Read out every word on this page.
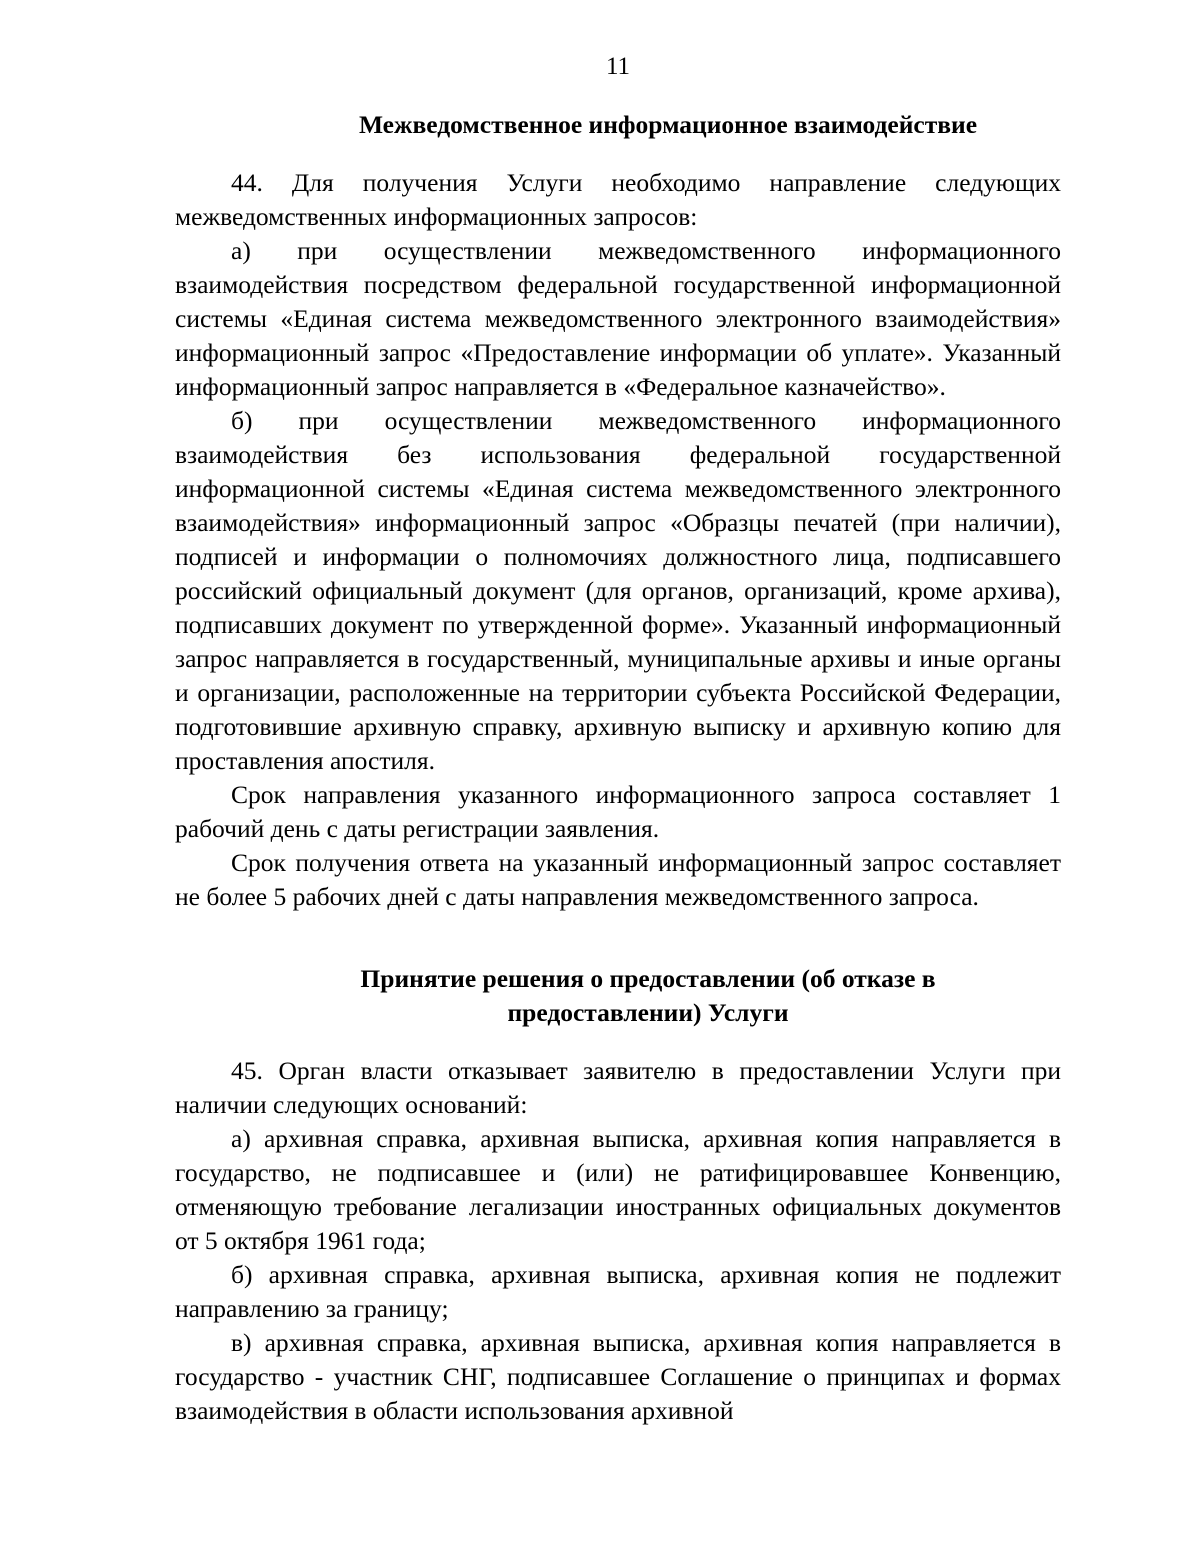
11
Межведомственное информационное взаимодействие

44. Для получения Услуги необходимо направление следующих межведомственных информационных запросов:

а) при осуществлении межведомственного информационного взаимодействия посредством федеральной государственной информационной системы «Единая система межведомственного электронного взаимодействия» информационный запрос «Предоставление информации об уплате». Указанный информационный запрос направляется в «Федеральное казначейство».

б) при осуществлении межведомственного информационного взаимодействия без использования федеральной государственной информационной системы «Единая система межведомственного электронного взаимодействия» информационный запрос «Образцы печатей (при наличии), подписей и информации о полномочиях должностного лица, подписавшего российский официальный документ (для органов, организаций, кроме архива), подписавших документ по утвержденной форме». Указанный информационный запрос направляется в государственный, муниципальные архивы и иные органы и организации, расположенные на территории субъекта Российской Федерации, подготовившие архивную справку, архивную выписку и архивную копию для проставления апостиля.

Срок направления указанного информационного запроса составляет 1 рабочий день с даты регистрации заявления.

Срок получения ответа на указанный информационный запрос составляет не более 5 рабочих дней с даты направления межведомственного запроса.

Принятие решения о предоставлении (об отказе в
предоставлении) Услуги

45. Орган власти отказывает заявителю в предоставлении Услуги при наличии следующих оснований:

а) архивная справка, архивная выписка, архивная копия направляется в государство, не подписавшее и (или) не ратифицировавшее Конвенцию, отменяющую требование легализации иностранных официальных документов от 5 октября 1961 года;

б) архивная справка, архивная выписка, архивная копия не подлежит направлению за границу;

в) архивная справка, архивная выписка, архивная копия направляется в государство - участник СНГ, подписавшее Соглашение о принципах и формах взаимодействия в области использования архивной
